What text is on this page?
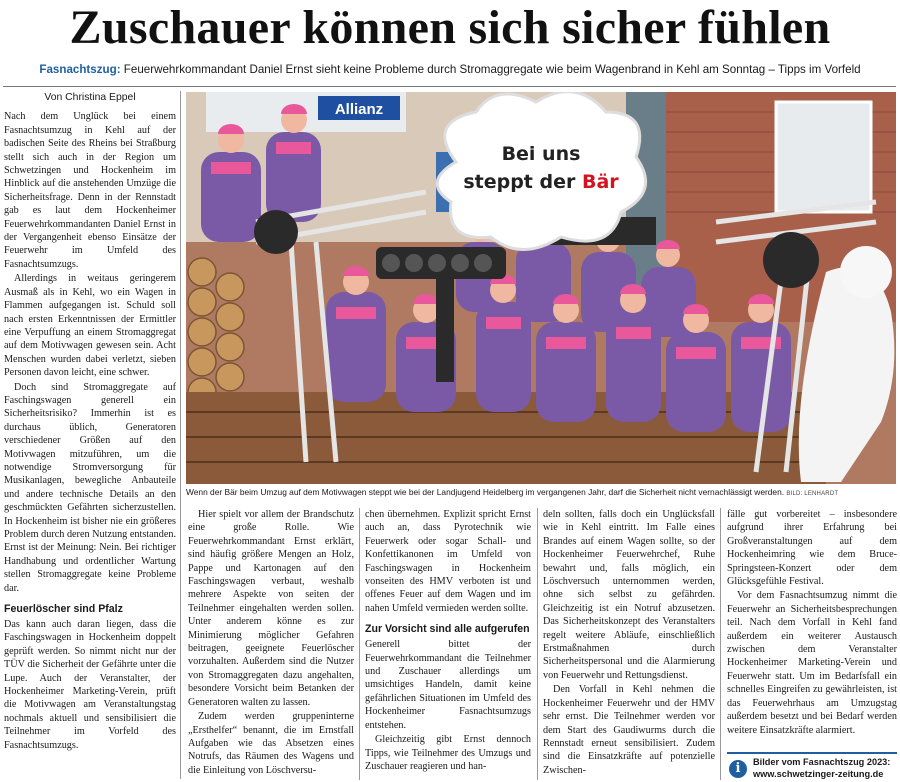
Zuschauer können sich sicher fühlen
Fasnachtszug: Feuerwehrkommandant Daniel Ernst sieht keine Probleme durch Stromaggregate wie beim Wagenbrand in Kehl am Sonntag – Tipps im Vorfeld
Von Christina Eppel

Nach dem Unglück bei einem Fasnachtsumzug in Kehl auf der badischen Seite des Rheins bei Straßburg stellt sich auch in der Region um Schwetzingen und Hockenheim im Hinblick auf die anstehenden Umzüge die Sicherheitsfrage. Denn in der Rennstadt gab es laut dem Hockenheimer Feuerwehrkommandanten Daniel Ernst in der Vergangenheit ebenso Einsätze der Feuerwehr im Umfeld des Fasnachtsumzugs.

Allerdings in weitaus geringerem Ausmaß als in Kehl, wo ein Wagen in Flammen aufgegangen ist. Schuld soll nach ersten Erkenntnissen der Ermittler eine Verpuffung an einem Stromaggregat auf dem Motivwagen gewesen sein. Acht Menschen wurden dabei verletzt, sieben Personen davon leicht, eine schwer.

Doch sind Stromaggregate auf Faschingswagen generell ein Sicherheitsrisiko? Immerhin ist es durchaus üblich, Generatoren verschiedener Größen auf den Motivwagen mitzuführen, um die notwendige Stromversorgung für Musikanlagen, bewegliche Anbauteile und andere technische Details an den geschmückten Gefährten sicherzustellen. In Hockenheim ist bisher nie ein größeres Problem durch deren Nutzung entstanden. Ernst ist der Meinung: Nein. Bei richtiger Handhabung und ordentlicher Wartung stellen Stromaggregate keine Probleme dar.

Feuerlöscher sind Pfalz

Das kann auch daran liegen, dass die Faschingswagen in Hockenheim doppelt geprüft werden. So nimmt nicht nur der TÜV die Sicherheit der Gefährte unter die Lupe. Auch der Veranstalter, der Hockenheimer Marketing-Verein, prüft die Motivwagen am Veranstaltungstag nochmals aktuell und sensibilisiert die Teilnehmer im Vorfeld des Fasnachtsumzugs.

Allianz
Bei uns
steppt der Bär
Wenn der Bär beim Umzug auf dem Motivwagen steppt wie bei der Landjugend Heidelberg im vergangenen Jahr, darf die Sicherheit nicht vernachlässigt werden. BILD: LENHARDT

Hier spielt vor allem der Brandschutz eine große Rolle. Wie Feuerwehrkommandant Ernst erklärt, sind häufig größere Mengen an Holz, Pappe und Kartonagen auf den Faschingswagen verbaut, weshalb mehrere Aspekte von seiten der Teilnehmer eingehalten werden sollen. Unter anderem könne es zur Minimierung möglicher Gefahren beitragen, geeignete Feuerlöscher vorzuhalten. Außerdem sind die Nutzer von Stromaggregaten dazu angehalten, besondere Vorsicht beim Betanken der Generatoren walten zu lassen.

Zudem werden gruppeninterne „Ersthelfer“ benannt, die im Ernstfall Aufgaben wie das Absetzen eines Notrufs, das Räumen des Wagens und die Einleitung von Löschversu-

chen übernehmen. Explizit spricht Ernst auch an, dass Pyrotechnik wie Feuerwerk oder sogar Schall- und Konfettikanonen im Umfeld von Faschingswagen in Hockenheim vonseiten des HMV verboten ist und offenes Feuer auf dem Wagen und im nahen Umfeld vermieden werden sollte.

Zur Vorsicht sind alle aufgerufen

Generell bittet der Feuerwehrkommandant die Teilnehmer und Zuschauer allerdings um umsichtiges Handeln, damit keine gefährlichen Situationen im Umfeld des Hockenheimer Fasnachtsumzugs entstehen.

Gleichzeitig gibt Ernst dennoch Tipps, wie Teilnehmer des Umzugs und Zuschauer reagieren und han-

deln sollten, falls doch ein Unglücksfall wie in Kehl eintritt. Im Falle eines Brandes auf einem Wagen sollte, so der Hockenheimer Feuerwehrchef, Ruhe bewahrt und, falls möglich, ein Löschversuch unternommen werden, ohne sich selbst zu gefährden. Gleichzeitig ist ein Notruf abzusetzen. Das Sicherheitskonzept des Veranstalters regelt weitere Abläufe, einschließlich Erstmaßnahmen durch Sicherheitspersonal und die Alarmierung von Feuerwehr und Rettungsdienst.

Den Vorfall in Kehl nehmen die Hockenheimer Feuerwehr und der HMV sehr ernst. Die Teilnehmer werden vor dem Start des Gaudiwurms durch die Rennstadt erneut sensibilisiert. Zudem sind die Einsatzkräfte auf potenzielle Zwischen-

fälle gut vorbereitet – insbesondere aufgrund ihrer Erfahrung bei Großveranstaltungen auf dem Hockenheimring wie dem Bruce-Springsteen-Konzert oder dem Glücksgefühle Festival.

Vor dem Fasnachtsumzug nimmt die Feuerwehr an Sicherheitsbesprechungen teil. Nach dem Vorfall in Kehl fand außerdem ein weiterer Austausch zwischen dem Veranstalter Hockenheimer Marketing-Verein und Feuerwehr statt. Um im Bedarfsfall ein schnelles Eingreifen zu gewährleisten, ist das Feuerwehrhaus am Umzugstag außerdem besetzt und bei Bedarf werden weitere Einsatzkräfte alarmiert.

i	Bilder vom Fasnachtszug 2023:
www.schwetzinger-zeitung.de
